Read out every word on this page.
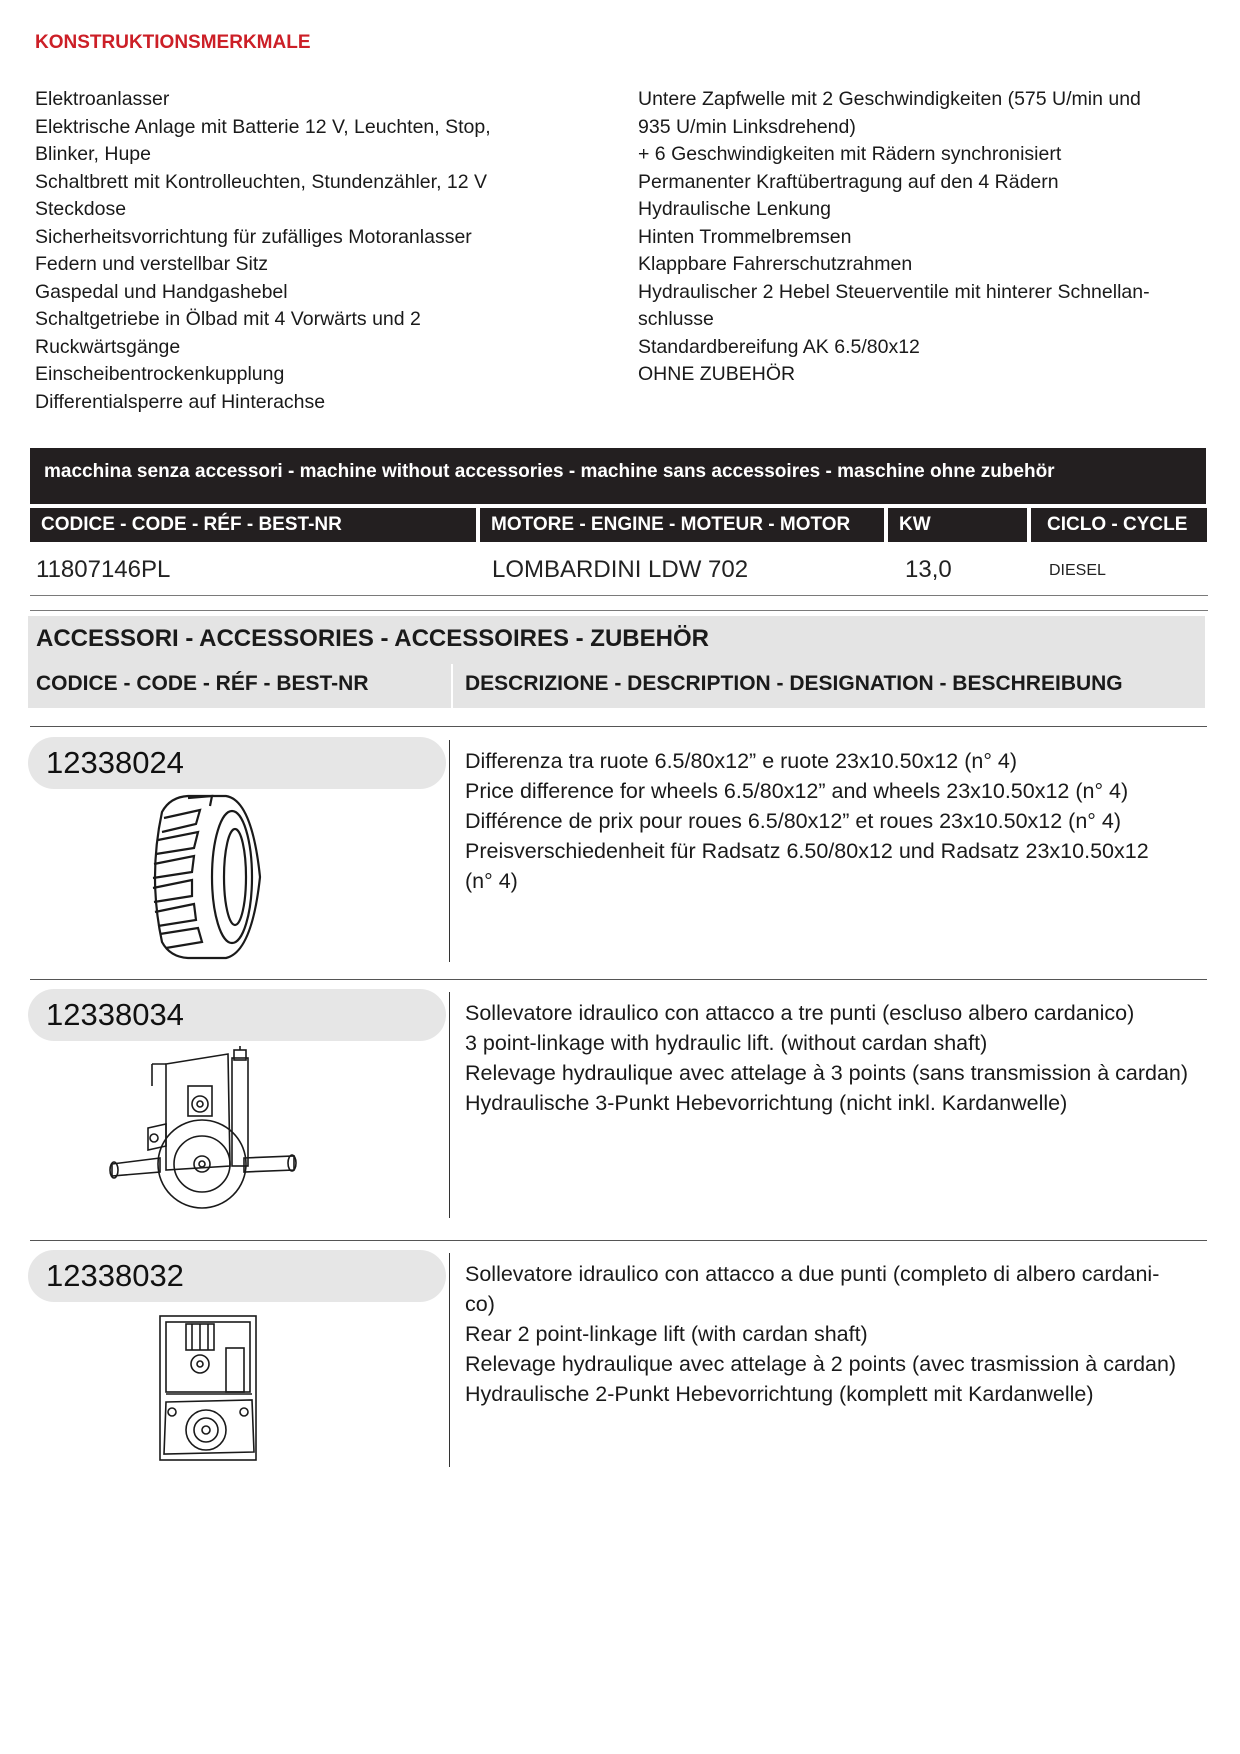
KONSTRUKTIONSMERKMALE
Elektroanlasser
Elektrische Anlage mit Batterie 12 V, Leuchten, Stop,
Blinker, Hupe
Schaltbrett mit Kontrolleuchten, Stundenzähler, 12 V
Steckdose
Sicherheitsvorrichtung für zufälliges Motoranlasser
Federn und verstellbar Sitz
Gaspedal und Handgashebel
Schaltgetriebe in Ölbad mit 4 Vorwärts und 2
Ruckwärtsgänge
Einscheibentrockenkupplung
Differentialsperre auf Hinterachse
Untere Zapfwelle mit 2 Geschwindigkeiten (575 U/min und
935 U/min Linksdrehend)
+ 6 Geschwindigkeiten mit Rädern synchronisiert
Permanenter Kraftübertragung auf den 4 Rädern
Hydraulische Lenkung
Hinten Trommelbremsen
Klappbare Fahrerschutzrahmen
Hydraulischer 2 Hebel Steuerventile mit hinterer Schnellan-
schlusse
Standardbereifung AK 6.5/80x12
OHNE ZUBEHÖR
macchina senza accessori - machine without accessories - machine sans accessoires - maschine ohne zubehör
CODICE - CODE - RÉF - BEST-NR	MOTORE - ENGINE - MOTEUR - MOTOR	KW	CICLO - CYCLE
11807146PL	LOMBARDINI LDW 702	13,0	DIESEL
ACCESSORI - ACCESSORIES - ACCESSOIRES - ZUBEHÖR
CODICE - CODE - RÉF - BEST-NR	DESCRIZIONE - DESCRIPTION - DESIGNATION - BESCHREIBUNG
12338024	Differenza tra ruote 6.5/80x12” e ruote 23x10.50x12 (n° 4)
Price difference for wheels 6.5/80x12” and wheels 23x10.50x12 (n° 4)
Différence de prix pour roues 6.5/80x12” et roues 23x10.50x12 (n° 4)
Preisverschiedenheit für Radsatz 6.50/80x12 und Radsatz 23x10.50x12
(n° 4)
12338034	Sollevatore idraulico con attacco a tre punti (escluso albero cardanico)
3 point-linkage with hydraulic lift. (without cardan shaft)
Relevage hydraulique avec attelage à 3 points (sans transmission à cardan)
Hydraulische 3-Punkt Hebevorrichtung (nicht inkl. Kardanwelle)
12338032	Sollevatore idraulico con attacco a due punti (completo di albero cardani-
co)
Rear 2 point-linkage lift (with cardan shaft)
Relevage hydraulique avec attelage à 2 points (avec trasmission à cardan)
Hydraulische 2-Punkt Hebevorrichtung (komplett mit Kardanwelle)
